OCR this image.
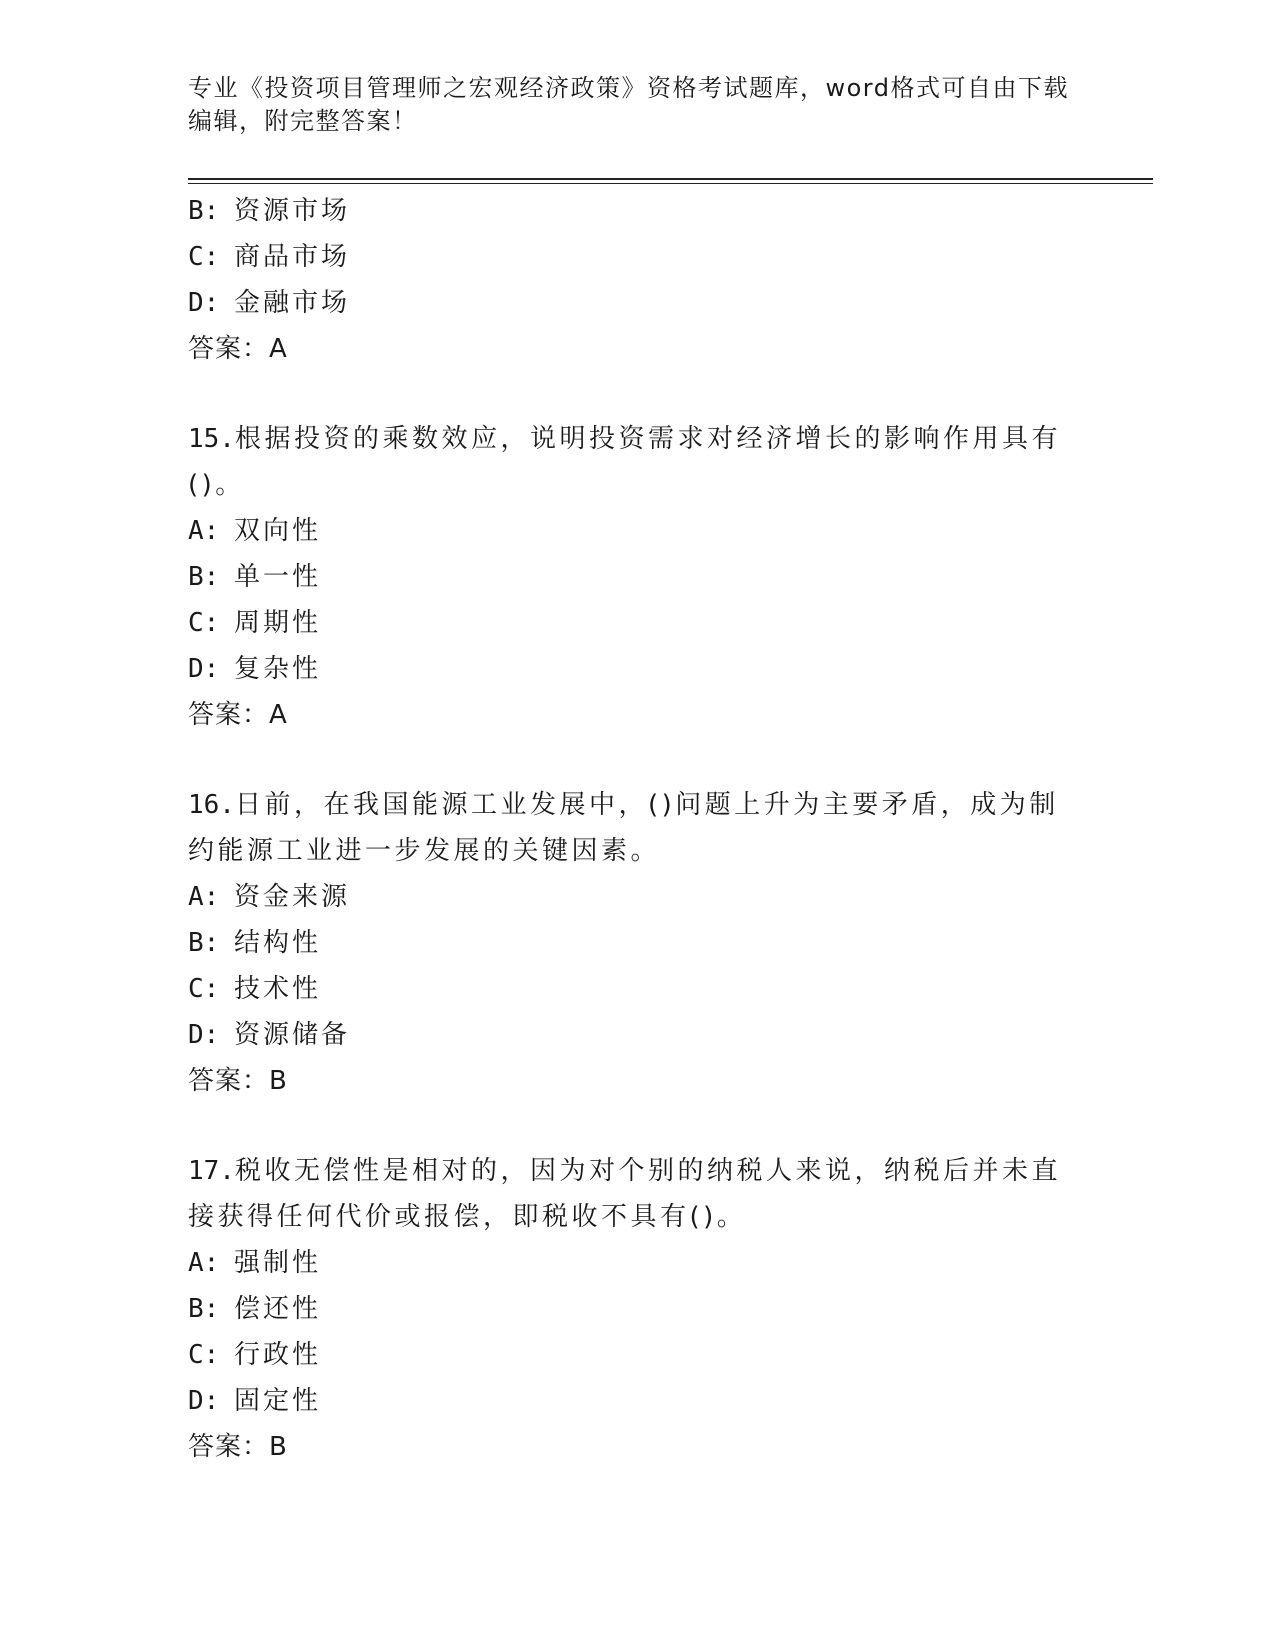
专业《投资项目管理师之宏观经济政策》资格考试题库，word格式可自由下载编辑，附完整答案！
B: 资源市场
C: 商品市场
D: 金融市场
答案：A
15.根据投资的乘数效应，说明投资需求对经济增长的影响作用具有()。
A: 双向性
B: 单一性
C: 周期性
D: 复杂性
答案：A
16.日前，在我国能源工业发展中，()问题上升为主要矛盾，成为制约能源工业进一步发展的关键因素。
A: 资金来源
B: 结构性
C: 技术性
D: 资源储备
答案：B
17.税收无偿性是相对的，因为对个别的纳税人来说，纳税后并未直接获得任何代价或报偿，即税收不具有()。
A: 强制性
B: 偿还性
C: 行政性
D: 固定性
答案：B
